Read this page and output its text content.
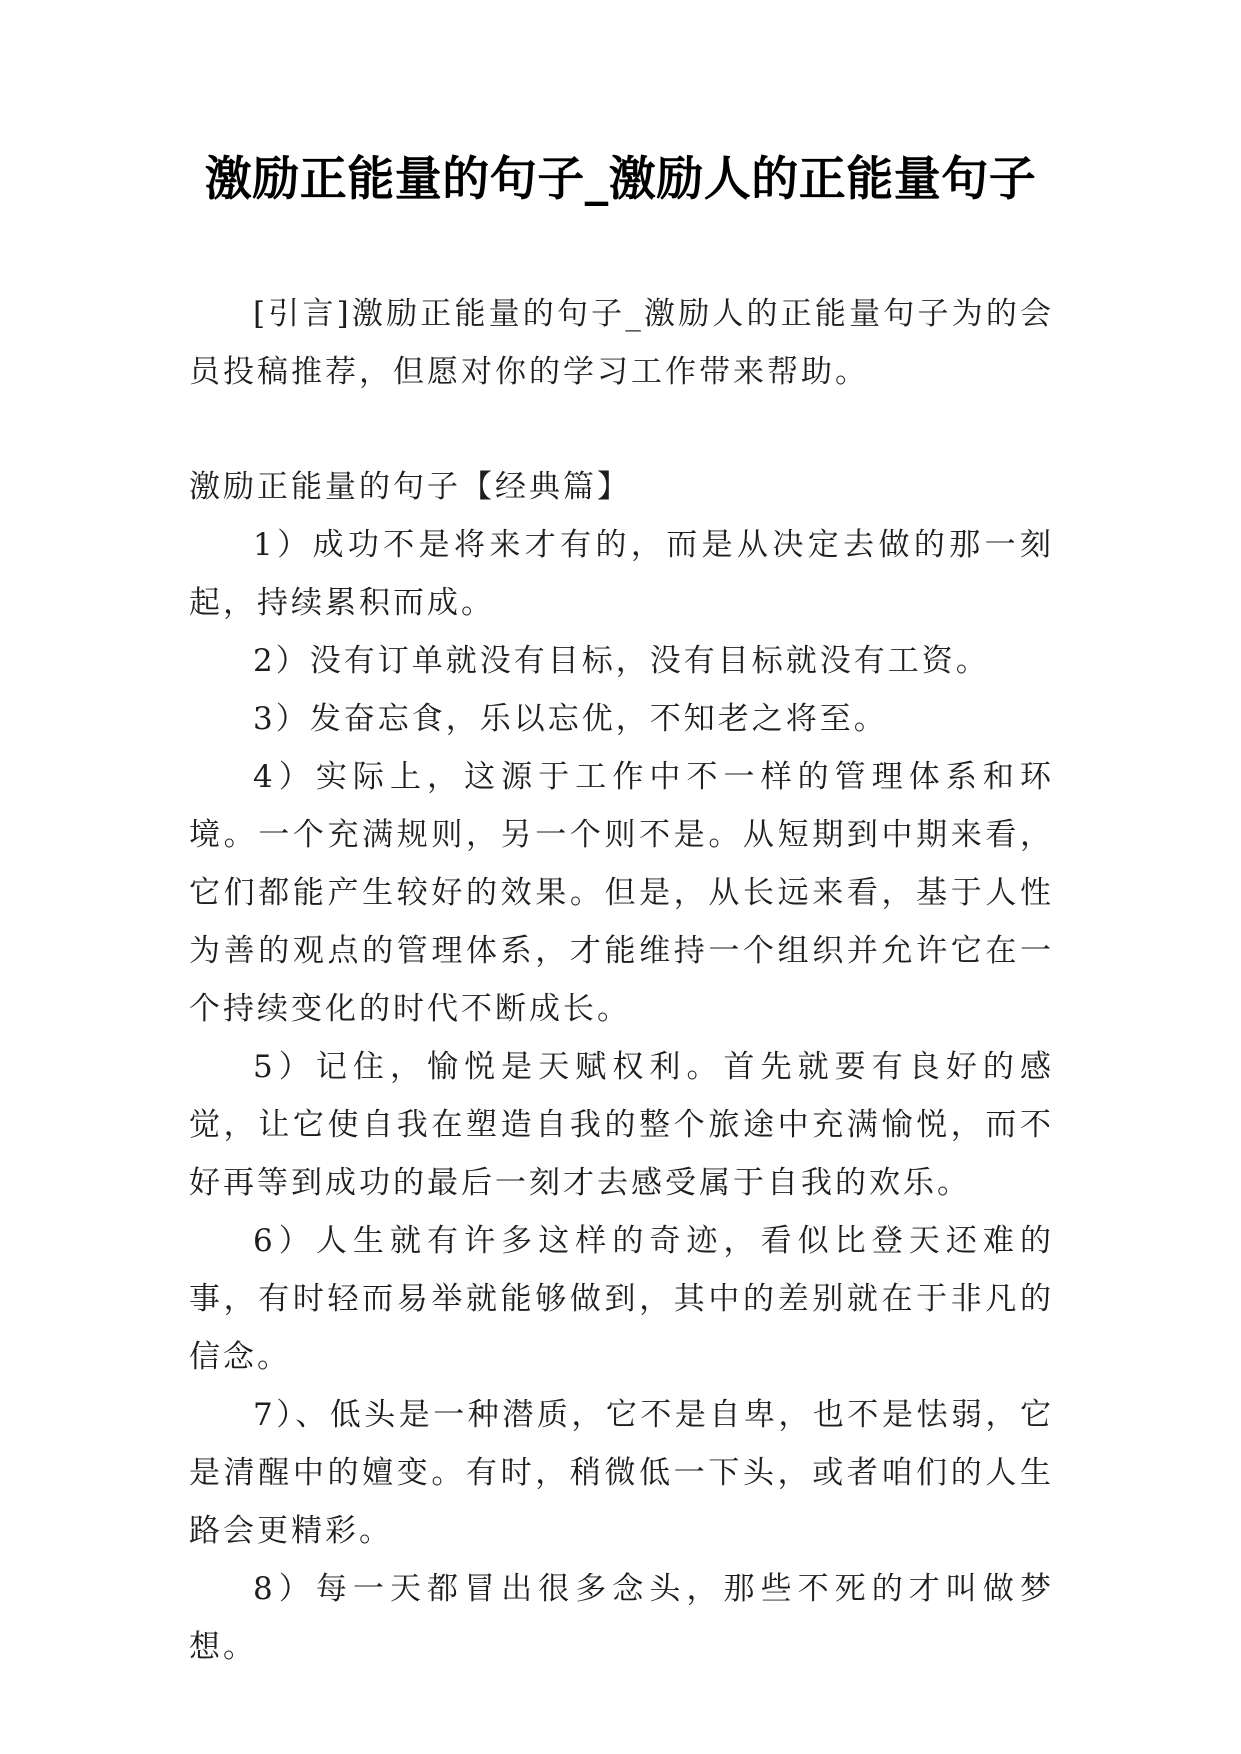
激励正能量的句子_激励人的正能量句子

[引言]激励正能量的句子_激励人的正能量句子为的会员投稿推荐，但愿对你的学习工作带来帮助。

激励正能量的句子【经典篇】

1）成功不是将来才有的，而是从决定去做的那一刻起，持续累积而成。

2）没有订单就没有目标，没有目标就没有工资。

3）发奋忘食，乐以忘优，不知老之将至。

4）实际上，这源于工作中不一样的管理体系和环境。一个充满规则，另一个则不是。从短期到中期来看，它们都能产生较好的效果。但是，从长远来看，基于人性为善的观点的管理体系，才能维持一个组织并允许它在一个持续变化的时代不断成长。

5）记住，愉悦是天赋权利。首先就要有良好的感觉，让它使自我在塑造自我的整个旅途中充满愉悦，而不好再等到成功的最后一刻才去感受属于自我的欢乐。

6）人生就有许多这样的奇迹，看似比登天还难的事，有时轻而易举就能够做到，其中的差别就在于非凡的信念。

7）、低头是一种潜质，它不是自卑，也不是怯弱，它是清醒中的嬗变。有时，稍微低一下头，或者咱们的人生路会更精彩。

8）每一天都冒出很多念头，那些不死的才叫做梦想。
